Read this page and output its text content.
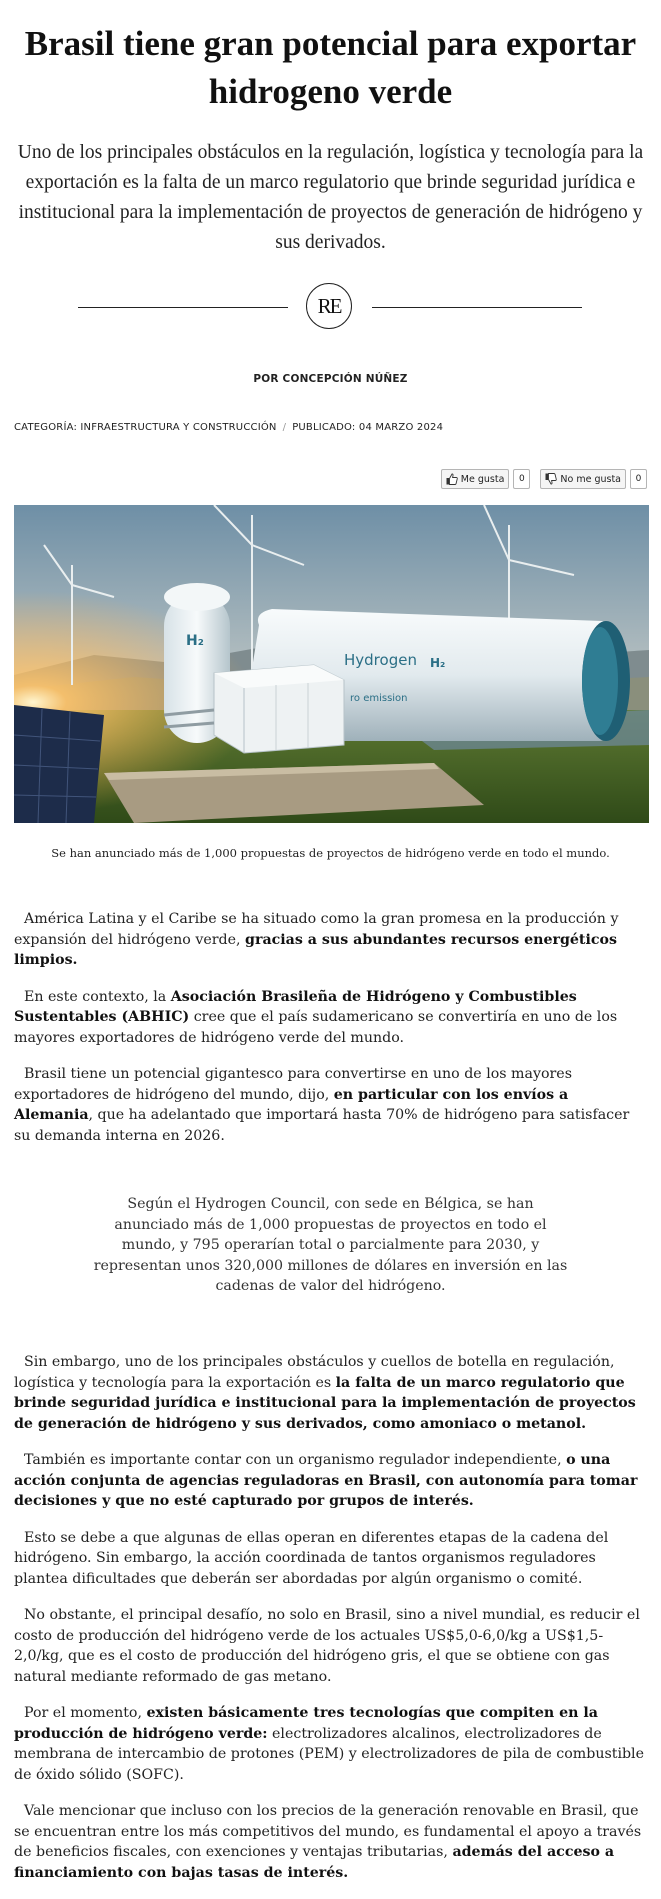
Brasil tiene gran potencial para exportar hidrogeno verde

Uno de los principales obstáculos en la regulación, logística y tecnología para la exportación es la falta de un marco regulatorio que brinde seguridad jurídica e institucional para la implementación de proyectos de generación de hidrógeno y sus derivados.

RE
POR CONCEPCIÓN NÚÑEZ
CATEGORÍA: INFRAESTRUCTURA Y CONSTRUCCIÓN / PUBLICADO: 04 MARZO 2024
Me gusta	0	No me gusta	0
H₂
Hydrogen H₂
ro emission
Se han anunciado más de 1,000 propuestas de proyectos de hidrógeno verde en todo el mundo.

América Latina y el Caribe se ha situado como la gran promesa en la producción y expansión del hidrógeno verde, gracias a sus abundantes recursos energéticos limpios.

En este contexto, la Asociación Brasileña de Hidrógeno y Combustibles Sustentables (ABHIC) cree que el país sudamericano se convertiría en uno de los mayores exportadores de hidrógeno verde del mundo.

Brasil tiene un potencial gigantesco para convertirse en uno de los mayores exportadores de hidrógeno del mundo, dijo, en particular con los envíos a Alemania, que ha adelantado que importará hasta 70% de hidrógeno para satisfacer su demanda interna en 2026.

Según el Hydrogen Council, con sede en Bélgica, se han anunciado más de 1,000 propuestas de proyectos en todo el mundo, y 795 operarían total o parcialmente para 2030, y representan unos 320,000 millones de dólares en inversión en las cadenas de valor del hidrógeno.

Sin embargo, uno de los principales obstáculos y cuellos de botella en regulación, logística y tecnología para la exportación es la falta de un marco regulatorio que brinde seguridad jurídica e institucional para la implementación de proyectos de generación de hidrógeno y sus derivados, como amoniaco o metanol.

También es importante contar con un organismo regulador independiente, o una acción conjunta de agencias reguladoras en Brasil, con autonomía para tomar decisiones y que no esté capturado por grupos de interés.

Esto se debe a que algunas de ellas operan en diferentes etapas de la cadena del hidrógeno. Sin embargo, la acción coordinada de tantos organismos reguladores plantea dificultades que deberán ser abordadas por algún organismo o comité.

No obstante, el principal desafío, no solo en Brasil, sino a nivel mundial, es reducir el costo de producción del hidrógeno verde de los actuales US$5,0-6,0/kg a US$1,5-2,0/kg, que es el costo de producción del hidrógeno gris, el que se obtiene con gas natural mediante reformado de gas metano.

Por el momento, existen básicamente tres tecnologías que compiten en la producción de hidrógeno verde: electrolizadores alcalinos, electrolizadores de membrana de intercambio de protones (PEM) y electrolizadores de pila de combustible de óxido sólido (SOFC).

Vale mencionar que incluso con los precios de la generación renovable en Brasil, que se encuentran entre los más competitivos del mundo, es fundamental el apoyo a través de beneficios fiscales, con exenciones y ventajas tributarias, además del acceso a financiamiento con bajas tasas de interés.
